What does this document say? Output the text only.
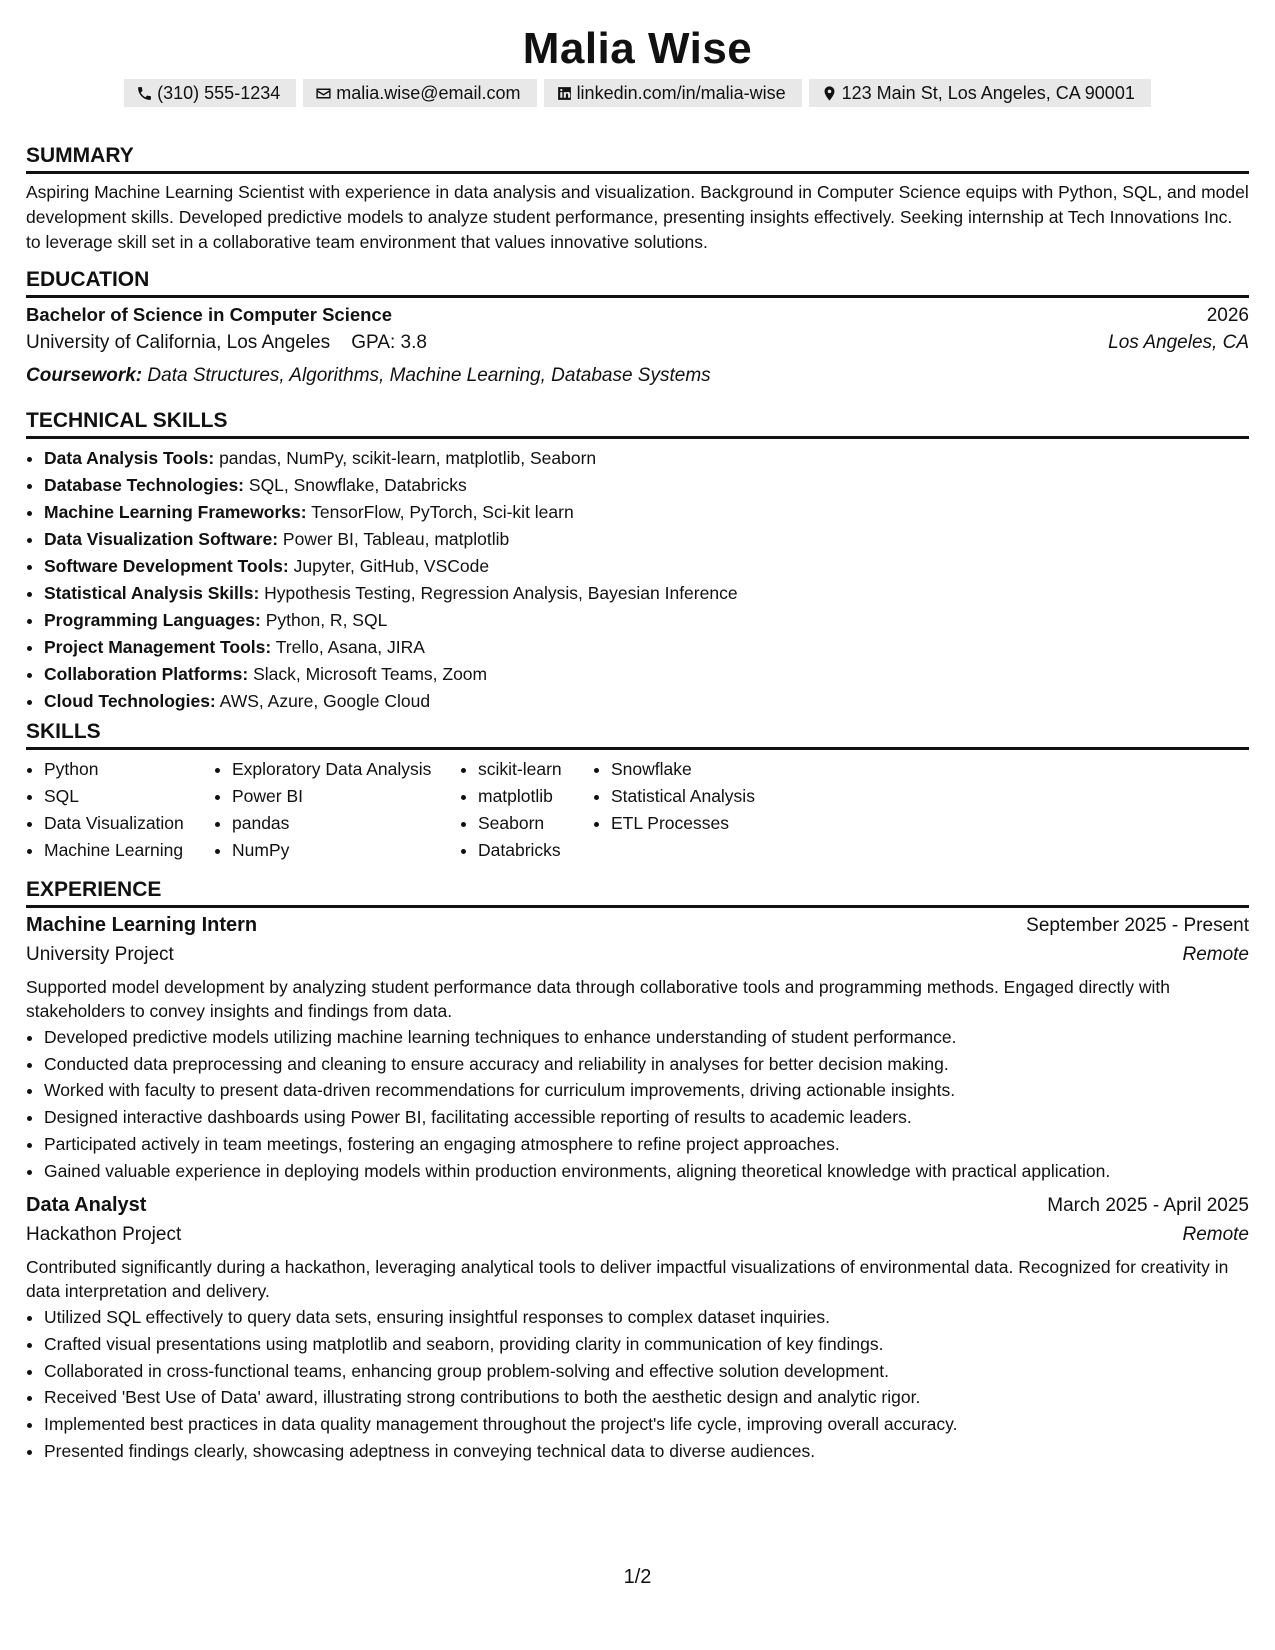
Malia Wise
(310) 555-1234	malia.wise@email.com	linkedin.com/in/malia-wise	123 Main St, Los Angeles, CA 90001
SUMMARY
Aspiring Machine Learning Scientist with experience in data analysis and visualization. Background in Computer Science equips with Python, SQL, and model development skills. Developed predictive models to analyze student performance, presenting insights effectively. Seeking internship at Tech Innovations Inc. to leverage skill set in a collaborative team environment that values innovative solutions.
EDUCATION
Bachelor of Science in Computer Science	2026
University of California, Los Angeles GPA: 3.8	Los Angeles, CA
Coursework: Data Structures, Algorithms, Machine Learning, Database Systems
TECHNICAL SKILLS
• Data Analysis Tools: pandas, NumPy, scikit-learn, matplotlib, Seaborn
• Database Technologies: SQL, Snowflake, Databricks
• Machine Learning Frameworks: TensorFlow, PyTorch, Sci-kit learn
• Data Visualization Software: Power BI, Tableau, matplotlib
• Software Development Tools: Jupyter, GitHub, VSCode
• Statistical Analysis Skills: Hypothesis Testing, Regression Analysis, Bayesian Inference
• Programming Languages: Python, R, SQL
• Project Management Tools: Trello, Asana, JIRA
• Collaboration Platforms: Slack, Microsoft Teams, Zoom
• Cloud Technologies: AWS, Azure, Google Cloud
SKILLS
• Python
• SQL
• Data Visualization
• Machine Learning
• Exploratory Data Analysis
• Power BI
• pandas
• NumPy
• scikit-learn
• matplotlib
• Seaborn
• Databricks
• Snowflake
• Statistical Analysis
• ETL Processes
EXPERIENCE
Machine Learning Intern	September 2025 - Present
University Project	Remote
Supported model development by analyzing student performance data through collaborative tools and programming methods. Engaged directly with stakeholders to convey insights and findings from data.
• Developed predictive models utilizing machine learning techniques to enhance understanding of student performance.
• Conducted data preprocessing and cleaning to ensure accuracy and reliability in analyses for better decision making.
• Worked with faculty to present data-driven recommendations for curriculum improvements, driving actionable insights.
• Designed interactive dashboards using Power BI, facilitating accessible reporting of results to academic leaders.
• Participated actively in team meetings, fostering an engaging atmosphere to refine project approaches.
• Gained valuable experience in deploying models within production environments, aligning theoretical knowledge with practical application.
Data Analyst	March 2025 - April 2025
Hackathon Project	Remote
Contributed significantly during a hackathon, leveraging analytical tools to deliver impactful visualizations of environmental data. Recognized for creativity in data interpretation and delivery.
• Utilized SQL effectively to query data sets, ensuring insightful responses to complex dataset inquiries.
• Crafted visual presentations using matplotlib and seaborn, providing clarity in communication of key findings.
• Collaborated in cross-functional teams, enhancing group problem-solving and effective solution development.
• Received 'Best Use of Data' award, illustrating strong contributions to both the aesthetic design and analytic rigor.
• Implemented best practices in data quality management throughout the project's life cycle, improving overall accuracy.
• Presented findings clearly, showcasing adeptness in conveying technical data to diverse audiences.
1/2
